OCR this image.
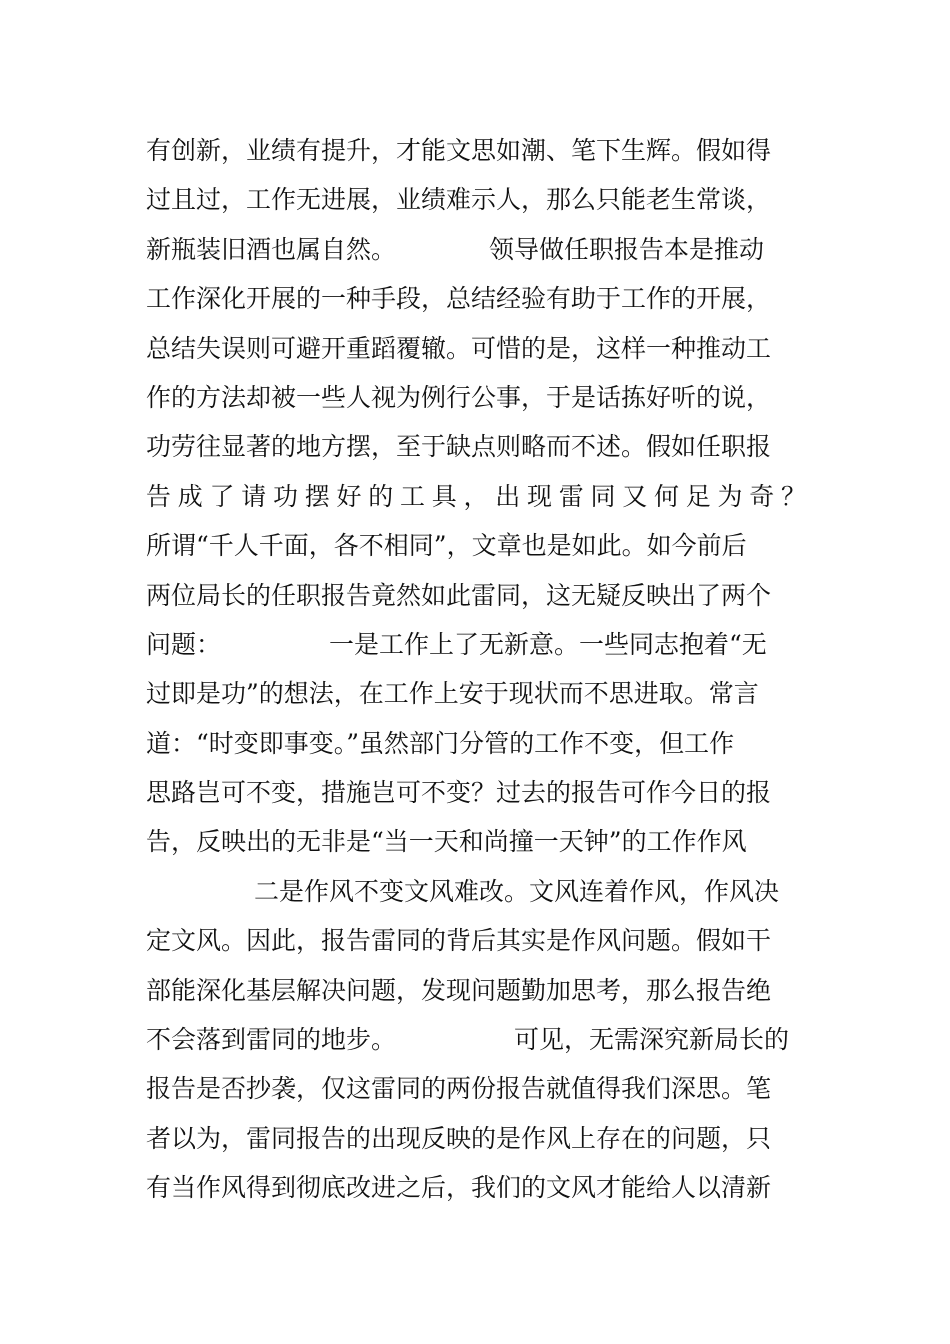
有创新，业绩有提升，才能文思如潮、笔下生辉。假如得
过且过，工作无进展，业绩难示人，那么只能老生常谈，
新瓶装旧酒也属自然。	领导做任职报告本是推动
工作深化开展的一种手段，总结经验有助于工作的开展，
总结失误则可避开重蹈覆辙。可惜的是，这样一种推动工
作的方法却被一些人视为例行公事，于是话拣好听的说，
功劳往显著的地方摆，至于缺点则略而不述。假如任职报
告成了请功摆好的工具，出现雷同又何足为奇？
所谓“千人千面，各不相同”，文章也是如此。如今前后
两位局长的任职报告竟然如此雷同，这无疑反映出了两个
问题：	一是工作上了无新意。一些同志抱着“无
过即是功”的想法，在工作上安于现状而不思进取。常言
道：“时变即事变。”虽然部门分管的工作不变，但工作
思路岂可不变，措施岂可不变？过去的报告可作今日的报
告，反映出的无非是“当一天和尚撞一天钟”的工作作风
二是作风不变文风难改。文风连着作风，作风决
定文风。因此，报告雷同的背后其实是作风问题。假如干
部能深化基层解决问题，发现问题勤加思考，那么报告绝
不会落到雷同的地步。	可见，无需深究新局长的
报告是否抄袭，仅这雷同的两份报告就值得我们深思。笔
者以为，雷同报告的出现反映的是作风上存在的问题，只
有当作风得到彻底改进之后，我们的文风才能给人以清新
